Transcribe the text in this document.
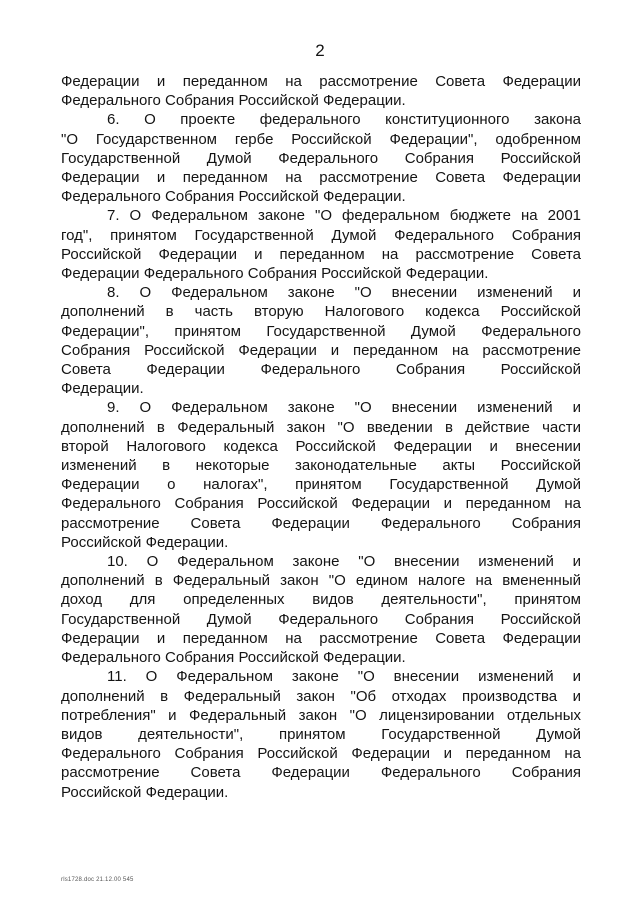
2

Федерации и переданном на рассмотрение Совета Федерации
Федерального Собрания Российской Федерации.

6. О проекте федерального конституционного закона
"О Государственном гербе Российской Федерации", одобренном
Государственной Думой Федерального Собрания Российской
Федерации и переданном на рассмотрение Совета Федерации
Федерального Собрания Российской Федерации.

7. О Федеральном законе "О федеральном бюджете на 2001
год", принятом Государственной Думой Федерального Собрания
Российской Федерации и переданном на рассмотрение Совета
Федерации Федерального Собрания Российской Федерации.

8. О Федеральном законе "О внесении изменений и
дополнений в часть вторую Налогового кодекса Российской
Федерации", принятом Государственной Думой Федерального
Собрания Российской Федерации и переданном на рассмотрение
Совета Федерации Федерального Собрания Российской
Федерации.

9. О Федеральном законе "О внесении изменений и
дополнений в Федеральный закон "О введении в действие части
второй Налогового кодекса Российской Федерации и внесении
изменений в некоторые законодательные акты Российской
Федерации о налогах", принятом Государственной Думой
Федерального Собрания Российской Федерации и переданном на
рассмотрение Совета Федерации Федерального Собрания
Российской Федерации.

10. О Федеральном законе "О внесении изменений и
дополнений в Федеральный закон "О едином налоге на вмененный
доход для определенных видов деятельности", принятом
Государственной Думой Федерального Собрания Российской
Федерации и переданном на рассмотрение Совета Федерации
Федерального Собрания Российской Федерации.

11. О Федеральном законе "О внесении изменений и
дополнений в Федеральный закон "Об отходах производства и
потребления" и Федеральный закон "О лицензировании отдельных
видов деятельности", принятом Государственной Думой
Федерального Собрания Российской Федерации и переданном на
рассмотрение Совета Федерации Федерального Собрания
Российской Федерации.

rls1728.doc 21.12.00 545
